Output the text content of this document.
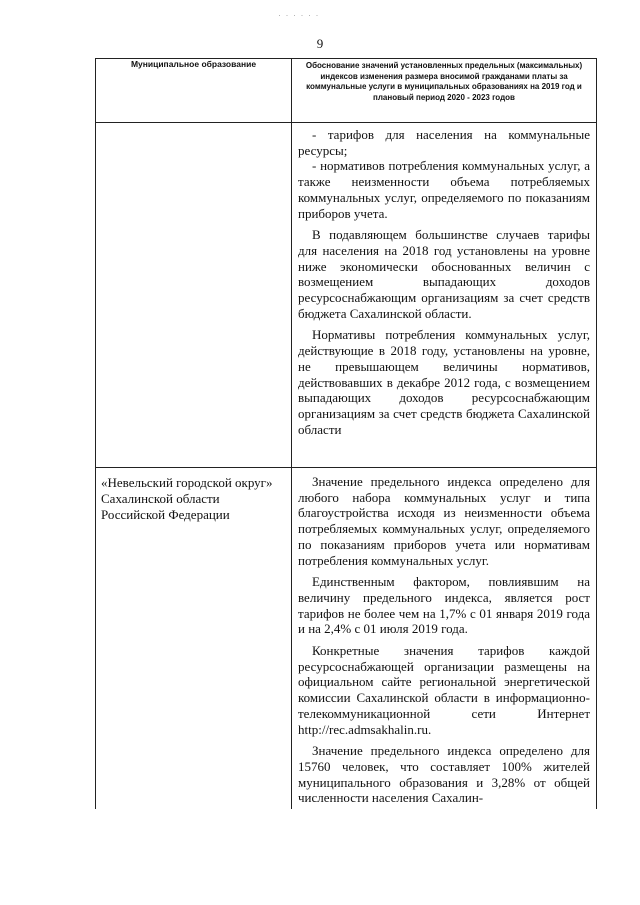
· · · · · ·
9
Муниципальное образование	Обоснование значений установленных предельных (максимальных) индексов изменения размера вносимой гражданами платы за коммунальные услуги в муниципальных образованиях на 2019 год и плановый период 2020 - 2023 годов

	- тарифов для населения на коммунальные ресурсы;

- нормативов потребления коммунальных услуг, а также неизменности объема потребляемых коммунальных услуг, определяемого по показаниям приборов учета.

В подавляющем большинстве случаев тарифы для населения на 2018 год установлены на уровне ниже экономически обоснованных величин с возмещением выпадающих доходов ресурсоснабжающим организациям за счет средств бюджета Сахалинской области.

Нормативы потребления коммунальных услуг, действующие в 2018 году, установлены на уровне, не превышающем величины нормативов, действовавших в декабре 2012 года, с возмещением выпадающих доходов ресурсоснабжающим организациям за счет средств бюджета Сахалинской области

«Невельский городской округ» Сахалинской области Российской Федерации	Значение предельного индекса определено для любого набора коммунальных услуг и типа благоустройства исходя из неизменности объема потребляемых коммунальных услуг, определяемого по показаниям приборов учета или нормативам потребления коммунальных услуг.

Единственным фактором, повлиявшим на величину предельного индекса, является рост тарифов не более чем на 1,7% с 01 января 2019 года и на 2,4% с 01 июля 2019 года.

Конкретные значения тарифов каждой ресурсоснабжающей организации размещены на официальном сайте региональной энергетической комиссии Сахалинской области в информационно-телекоммуникационной сети Интернет http://rec.admsakhalin.ru.

Значение предельного индекса определено для 15760 человек, что составляет 100% жителей муниципального образования и 3,28% от общей численности населения Сахалин-
